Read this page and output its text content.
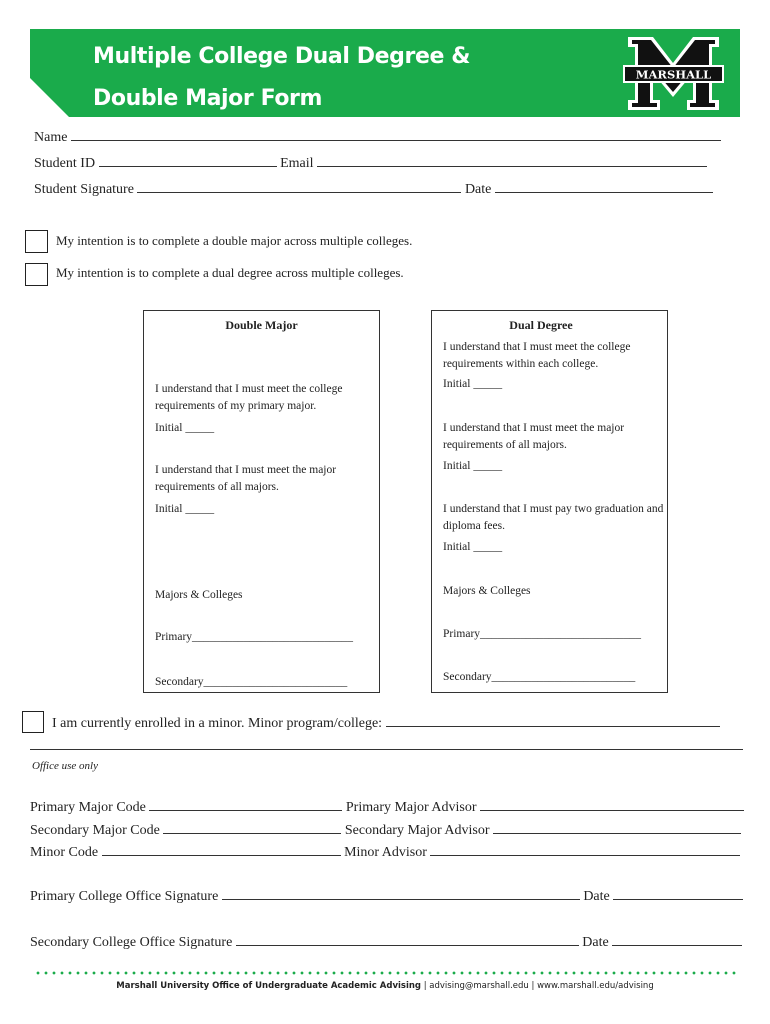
Multiple College Dual Degree &
Double Major Form
MARSHALL
Name
Student ID	Email
Student Signature	Date
My intention is to complete a double major across multiple colleges.
My intention is to complete a dual degree across multiple colleges.
Double Major
I understand that I must meet the college requirements of my primary major.
Initial _____
I understand that I must meet the major requirements of all majors.
Initial _____
Majors & Colleges
Primary____________________________
Secondary_________________________
Dual Degree
I understand that I must meet the college requirements within each college.
Initial _____
I understand that I must meet the major requirements of all majors.
Initial _____
I understand that I must pay two graduation and diploma fees.
Initial _____
Majors & Colleges
Primary____________________________
Secondary_________________________
I am currently enrolled in a minor. Minor program/college:
Office use only
Primary Major Code	Primary Major Advisor
Secondary Major Code	Secondary Major Advisor
Minor Code	Minor Advisor
Primary College Office Signature	Date
Secondary College Office Signature	Date
Marshall University Office of Undergraduate Academic Advising | advising@marshall.edu | www.marshall.edu/advising
